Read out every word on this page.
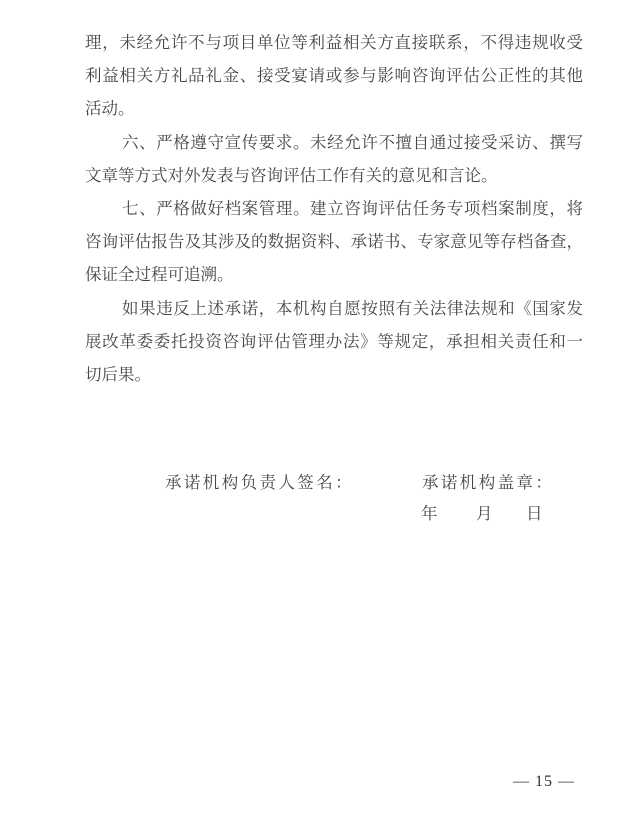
理，未经允许不与项目单位等利益相关方直接联系，不得违规收受
利益相关方礼品礼金、接受宴请或参与影响咨询评估公正性的其他
活动。
六、严格遵守宣传要求。未经允许不擅自通过接受采访、撰写
文章等方式对外发表与咨询评估工作有关的意见和言论。
七、严格做好档案管理。建立咨询评估任务专项档案制度，将
咨询评估报告及其涉及的数据资料、承诺书、专家意见等存档备查，
保证全过程可追溯。
如果违反上述承诺，本机构自愿按照有关法律法规和《国家发
展改革委委托投资咨询评估管理办法》等规定，承担相关责任和一
切后果。
承诺机构负责人签名：	承诺机构盖章：
年 月 日
— 15 —
